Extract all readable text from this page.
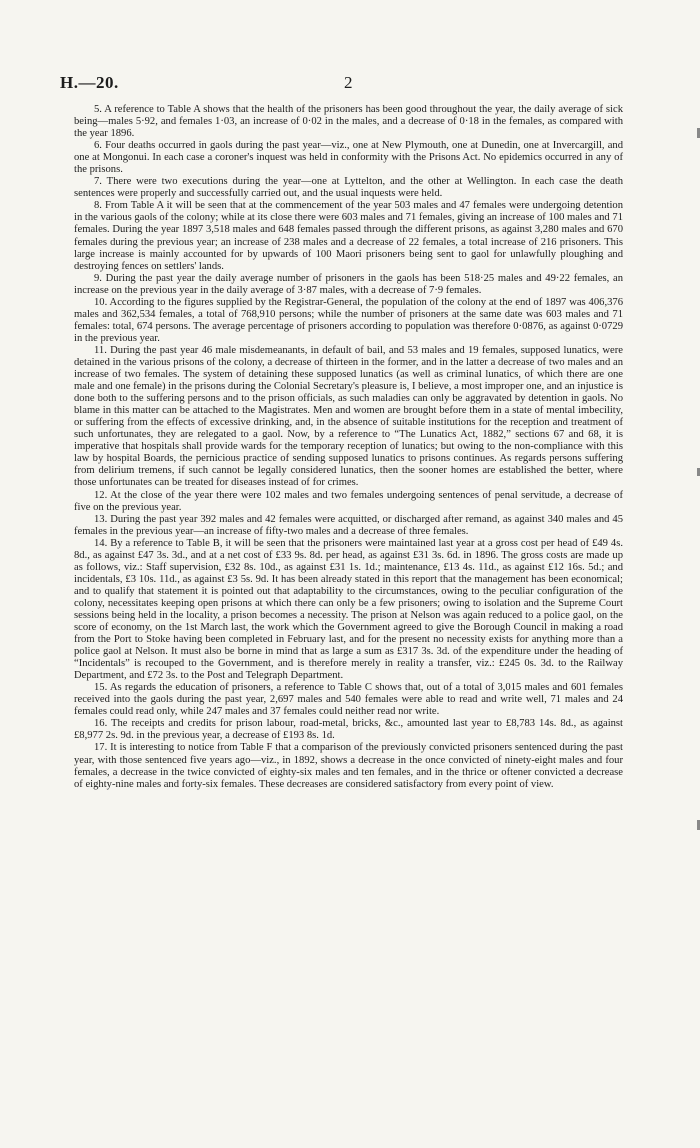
H.—20.	2

5. A reference to Table A shows that the health of the prisoners has been good throughout the year, the daily average of sick being—males 5·92, and females 1·03, an increase of 0·02 in the males, and a decrease of 0·18 in the females, as compared with the year 1896.

6. Four deaths occurred in gaols during the past year—viz., one at New Plymouth, one at Dunedin, one at Invercargill, and one at Mongonui. In each case a coroner's inquest was held in conformity with the Prisons Act. No epidemics occurred in any of the prisons.

7. There were two executions during the year—one at Lyttelton, and the other at Wellington. In each case the death sentences were properly and successfully carried out, and the usual inquests were held.

8. From Table A it will be seen that at the commencement of the year 503 males and 47 females were undergoing detention in the various gaols of the colony; while at its close there were 603 males and 71 females, giving an increase of 100 males and 71 females. During the year 1897 3,518 males and 648 females passed through the different prisons, as against 3,280 males and 670 females during the previous year; an increase of 238 males and a decrease of 22 females, a total increase of 216 prisoners. This large increase is mainly accounted for by upwards of 100 Maori prisoners being sent to gaol for unlawfully ploughing and destroying fences on settlers' lands.

9. During the past year the daily average number of prisoners in the gaols has been 518·25 males and 49·22 females, an increase on the previous year in the daily average of 3·87 males, with a decrease of 7·9 females.

10. According to the figures supplied by the Registrar-General, the population of the colony at the end of 1897 was 406,376 males and 362,534 females, a total of 768,910 persons; while the number of prisoners at the same date was 603 males and 71 females: total, 674 persons. The average percentage of prisoners according to population was therefore 0·0876, as against 0·0729 in the previous year.

11. During the past year 46 male misdemeanants, in default of bail, and 53 males and 19 females, supposed lunatics, were detained in the various prisons of the colony, a decrease of thirteen in the former, and in the latter a decrease of two males and an increase of two females. The system of detaining these supposed lunatics (as well as criminal lunatics, of which there are one male and one female) in the prisons during the Colonial Secretary's pleasure is, I believe, a most improper one, and an injustice is done both to the suffering persons and to the prison officials, as such maladies can only be aggravated by detention in gaols. No blame in this matter can be attached to the Magistrates. Men and women are brought before them in a state of mental imbecility, or suffering from the effects of excessive drinking, and, in the absence of suitable institutions for the reception and treatment of such unfortunates, they are relegated to a gaol. Now, by a reference to “The Lunatics Act, 1882,” sections 67 and 68, it is imperative that hospitals shall provide wards for the temporary reception of lunatics; but owing to the non-compliance with this law by hospital Boards, the pernicious practice of sending supposed lunatics to prisons continues. As regards persons suffering from delirium tremens, if such cannot be legally considered lunatics, then the sooner homes are established the better, where those unfortunates can be treated for diseases instead of for crimes.

12. At the close of the year there were 102 males and two females undergoing sentences of penal servitude, a decrease of five on the previous year.

13. During the past year 392 males and 42 females were acquitted, or discharged after remand, as against 340 males and 45 females in the previous year—an increase of fifty-two males and a decrease of three females.

14. By a reference to Table B, it will be seen that the prisoners were maintained last year at a gross cost per head of £49 4s. 8d., as against £47 3s. 3d., and at a net cost of £33 9s. 8d. per head, as against £31 3s. 6d. in 1896. The gross costs are made up as follows, viz.: Staff supervision, £32 8s. 10d., as against £31 1s. 1d.; maintenance, £13 4s. 11d., as against £12 16s. 5d.; and incidentals, £3 10s. 11d., as against £3 5s. 9d. It has been already stated in this report that the management has been economical; and to qualify that statement it is pointed out that adaptability to the circumstances, owing to the peculiar configuration of the colony, necessitates keeping open prisons at which there can only be a few prisoners; owing to isolation and the Supreme Court sessions being held in the locality, a prison becomes a necessity. The prison at Nelson was again reduced to a police gaol, on the score of economy, on the 1st March last, the work which the Government agreed to give the Borough Council in making a road from the Port to Stoke having been completed in February last, and for the present no necessity exists for anything more than a police gaol at Nelson. It must also be borne in mind that as large a sum as £317 3s. 3d. of the expenditure under the heading of “Incidentals” is recouped to the Government, and is therefore merely in reality a transfer, viz.: £245 0s. 3d. to the Railway Department, and £72 3s. to the Post and Telegraph Department.

15. As regards the education of prisoners, a reference to Table C shows that, out of a total of 3,015 males and 601 females received into the gaols during the past year, 2,697 males and 540 females were able to read and write well, 71 males and 24 females could read only, while 247 males and 37 females could neither read nor write.

16. The receipts and credits for prison labour, road-metal, bricks, &c., amounted last year to £8,783 14s. 8d., as against £8,977 2s. 9d. in the previous year, a decrease of £193 8s. 1d.

17. It is interesting to notice from Table F that a comparison of the previously convicted prisoners sentenced during the past year, with those sentenced five years ago—viz., in 1892, shows a decrease in the once convicted of ninety-eight males and four females, a decrease in the twice convicted of eighty-six males and ten females, and in the thrice or oftener convicted a decrease of eighty-nine males and forty-six females. These decreases are considered satisfactory from every point of view.
